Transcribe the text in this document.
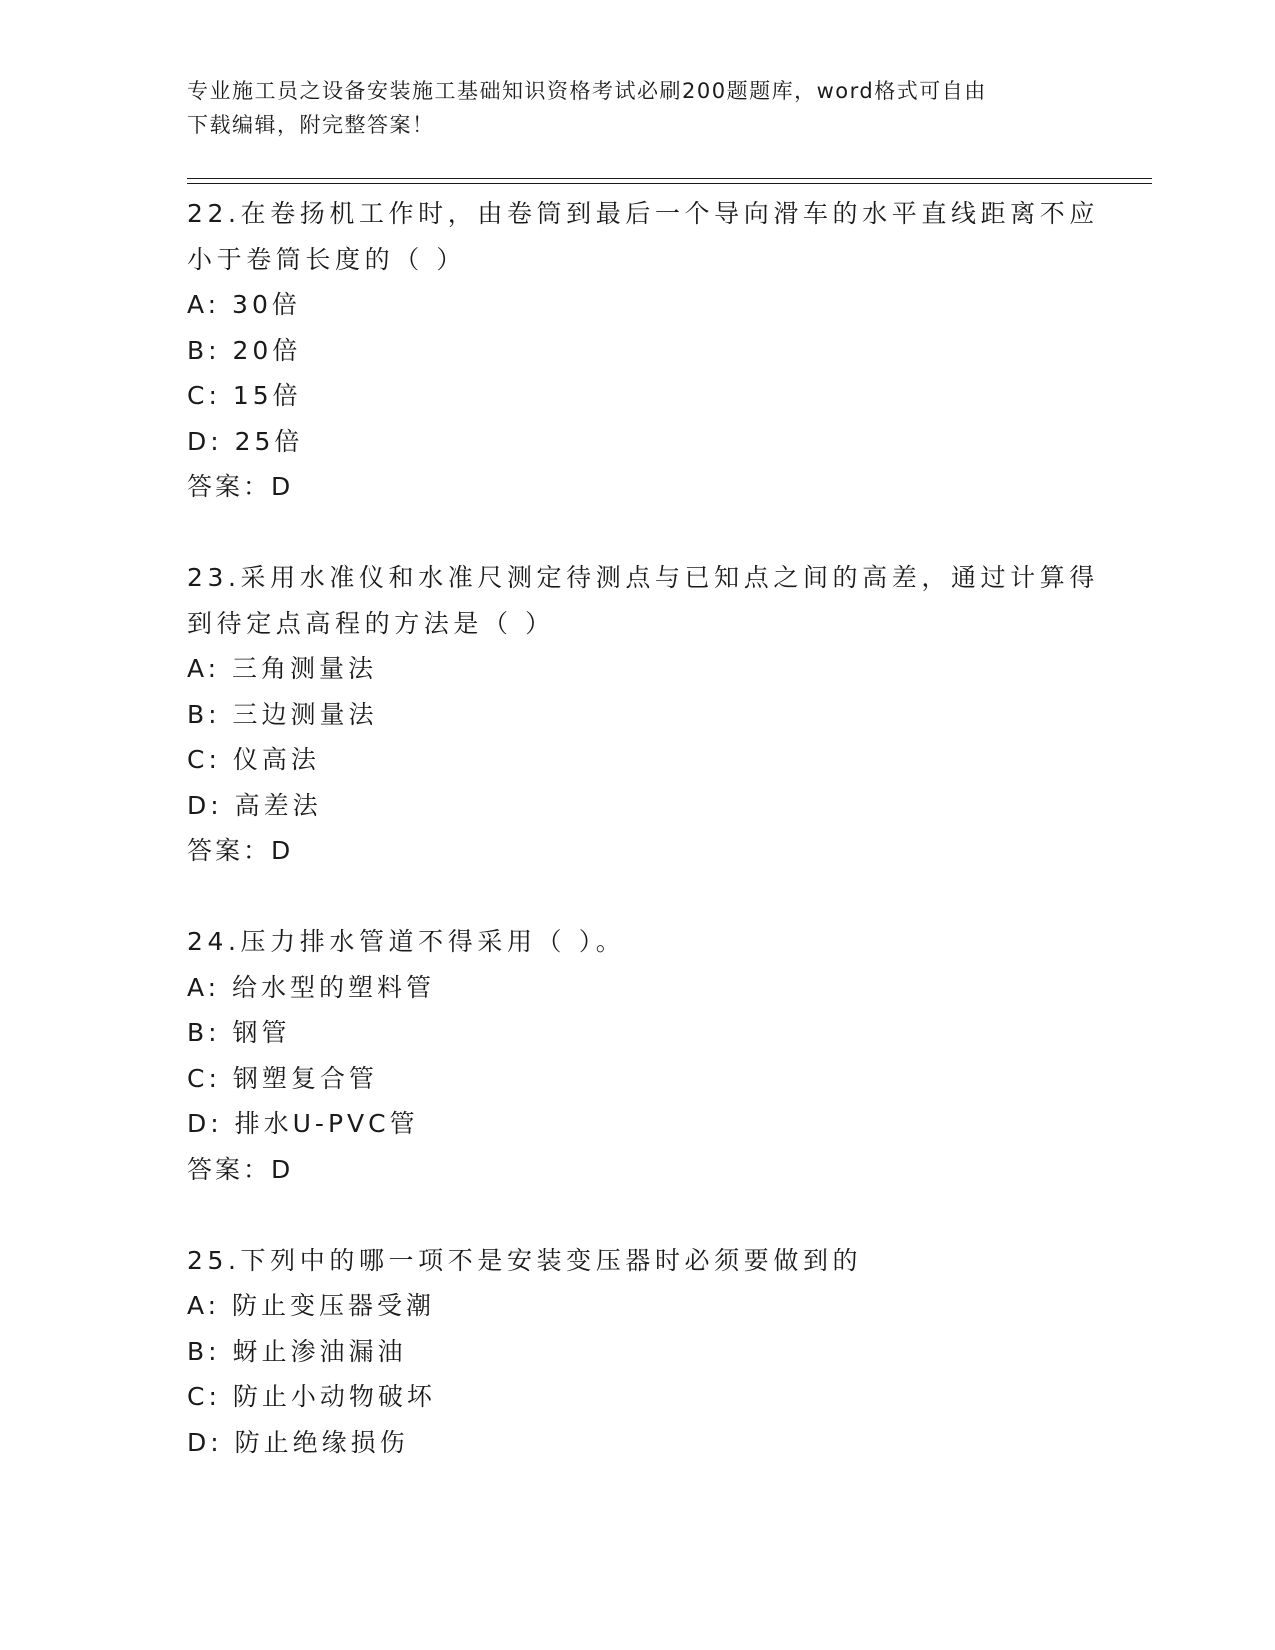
专业施工员之设备安装施工基础知识资格考试必刷200题题库，word格式可自由
下载编辑，附完整答案！
22.在卷扬机工作时，由卷筒到最后一个导向滑车的水平直线距离不应
小于卷筒长度的（ ）
A: 30倍
B: 20倍
C: 15倍
D: 25倍
答案：D
23.采用水准仪和水准尺测定待测点与已知点之间的高差，通过计算得
到待定点高程的方法是（ ）
A: 三角测量法
B: 三边测量法
C: 仪高法
D: 高差法
答案：D
24.压力排水管道不得采用（ ）。
A: 给水型的塑料管
B: 钢管
C: 钢塑复合管
D: 排水U-PVC管
答案：D
25.下列中的哪一项不是安装变压器时必须要做到的
A: 防止变压器受潮
B: 蚜止渗油漏油
C: 防止小动物破坏
D: 防止绝缘损伤
